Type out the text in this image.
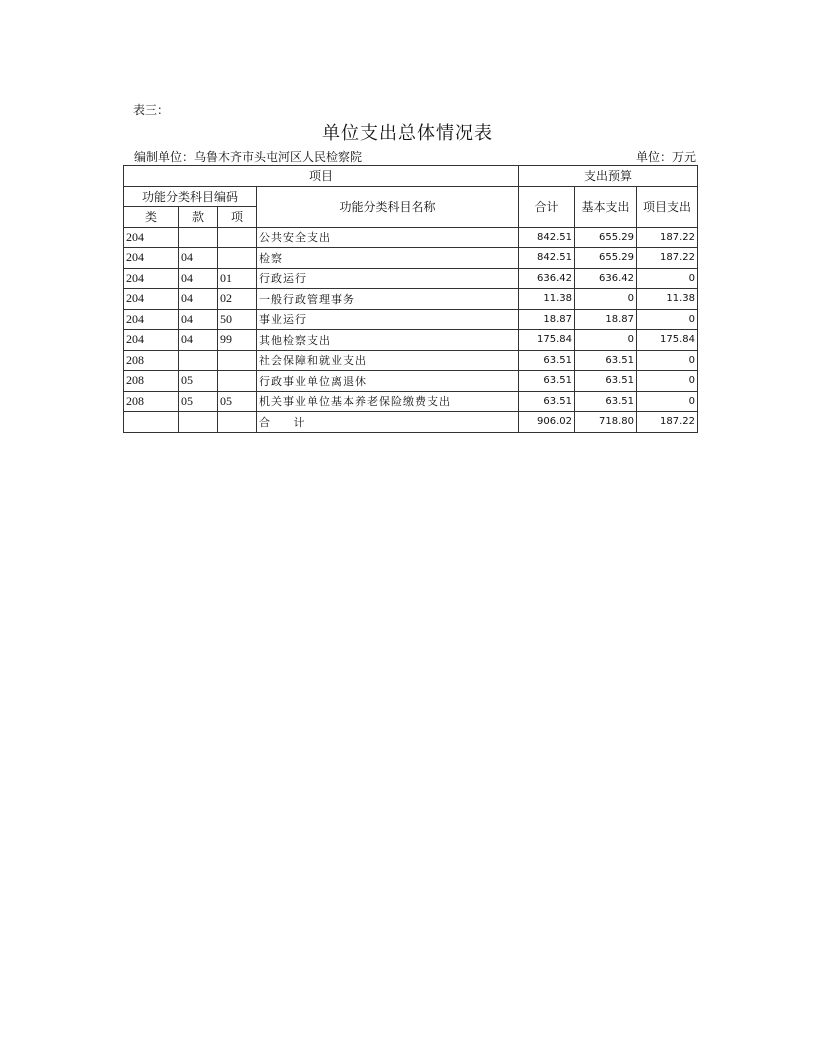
表三：
单位支出总体情况表
编制单位：乌鲁木齐市头屯河区人民检察院	单位：万元
项目				支出预算		
功能分类科目编码			功能分类科目名称	合计	基本支出	项目支出
类	款	项				
204			公共安全支出	842.51	655.29	187.22
204	04		检察	842.51	655.29	187.22
204	04	01	行政运行	636.42	636.42	0
204	04	02	一般行政管理事务	11.38	0	11.38
204	04	50	事业运行	18.87	18.87	0
204	04	99	其他检察支出	175.84	0	175.84
208			社会保障和就业支出	63.51	63.51	0
208	05		行政事业单位离退休	63.51	63.51	0
208	05	05	机关事业单位基本养老保险缴费支出	63.51	63.51	0
			合 计	906.02	718.80	187.22
